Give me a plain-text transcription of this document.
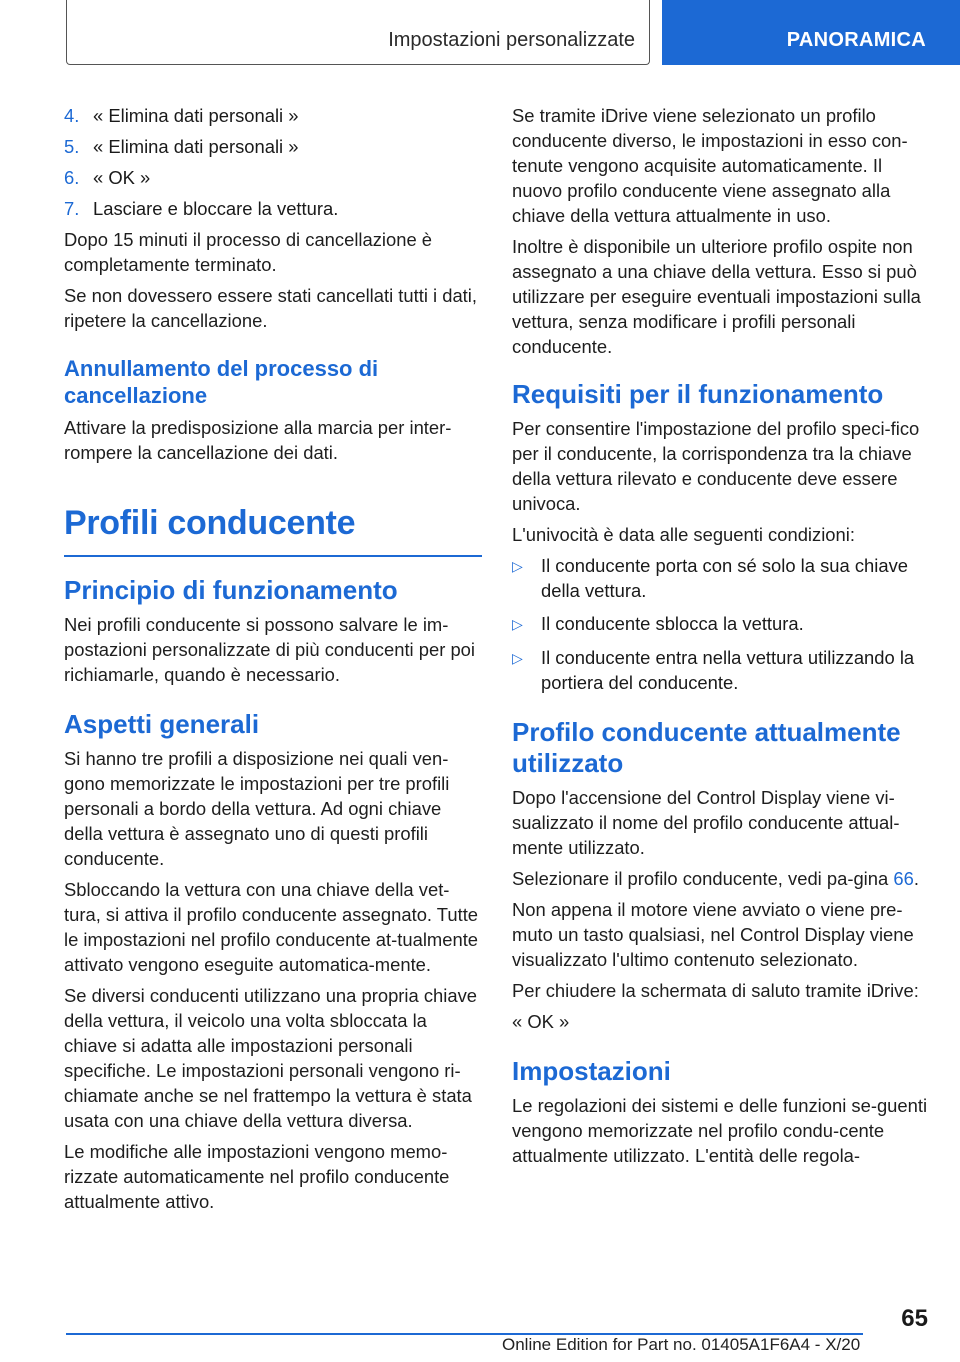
Impostazioni personalizzate	PANORAMICA
4. « Elimina dati personali »
5. « Elimina dati personali »
6. « OK »
7. Lasciare e bloccare la vettura.

Dopo 15 minuti il processo di cancellazione è completamente terminato.

Se non dovessero essere stati cancellati tutti i dati, ripetere la cancellazione.

Annullamento del processo di cancellazione

Attivare la predisposizione alla marcia per inter-rompere la cancellazione dei dati.

Profili conducente
Principio di funzionamento

Nei profili conducente si possono salvare le im-postazioni personalizzate di più conducenti per poi richiamarle, quando è necessario.

Aspetti generali

Si hanno tre profili a disposizione nei quali ven-gono memorizzate le impostazioni per tre profili personali a bordo della vettura. Ad ogni chiave della vettura è assegnato uno di questi profili conducente.

Sbloccando la vettura con una chiave della vet-tura, si attiva il profilo conducente assegnato. Tutte le impostazioni nel profilo conducente at-tualmente attivato vengono eseguite automatica-mente.

Se diversi conducenti utilizzano una propria chiave della vettura, il veicolo una volta sbloccata la chiave si adatta alle impostazioni personali specifiche. Le impostazioni personali vengono ri-chiamate anche se nel frattempo la vettura è stata usata con una chiave della vettura diversa.

Le modifiche alle impostazioni vengono memo-rizzate automaticamente nel profilo conducente attualmente attivo.

Se tramite iDrive viene selezionato un profilo conducente diverso, le impostazioni in esso con-tenute vengono acquisite automaticamente. Il nuovo profilo conducente viene assegnato alla chiave della vettura attualmente in uso.

Inoltre è disponibile un ulteriore profilo ospite non assegnato a una chiave della vettura. Esso si può utilizzare per eseguire eventuali impostazioni sulla vettura, senza modificare i profili personali conducente.

Requisiti per il funzionamento

Per consentire l'impostazione del profilo speci-fico per il conducente, la corrispondenza tra la chiave della vettura rilevato e conducente deve essere univoca.

L'univocità è data alle seguenti condizioni:

▷ Il conducente porta con sé solo la sua chiave della vettura.
▷ Il conducente sblocca la vettura.
▷ Il conducente entra nella vettura utilizzando la portiera del conducente.
Profilo conducente attualmente utilizzato

Dopo l'accensione del Control Display viene vi-sualizzato il nome del profilo conducente attual-mente utilizzato.

Selezionare il profilo conducente, vedi pa-gina 66.

Non appena il motore viene avviato o viene pre-muto un tasto qualsiasi, nel Control Display viene visualizzato l'ultimo contenuto selezionato.

Per chiudere la schermata di saluto tramite iDrive:

« OK »

Impostazioni

Le regolazioni dei sistemi e delle funzioni se-guenti vengono memorizzate nel profilo condu-cente attualmente utilizzato. L'entità delle regola-

65
Online Edition for Part no. 01405A1F6A4 - X/20
